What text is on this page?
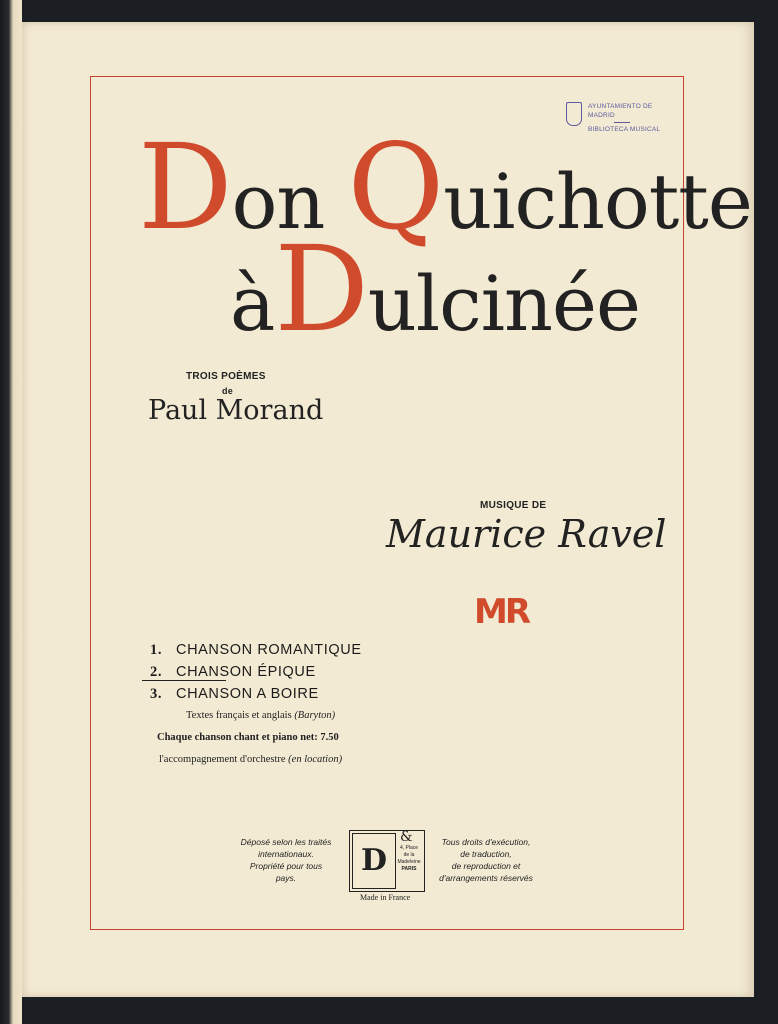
AYUNTAMIENTO DE MADRID
BIBLIOTECA MUSICAL
Don Quichotte
àDulcinée
TROIS POÈMES
de
Paul Morand
MUSIQUE DE
Maurice Ravel
MR
1. CHANSON ROMANTIQUE
2. CHANSON ÉPIQUE
3. CHANSON A BOIRE
Textes français et anglais (Baryton)
Chaque chanson chant et piano net: 7.50
l'accompagnement d'orchestre (en location)
Déposé selon les traités
internationaux.
Propriété pour tous
pays.	D
&
4, Place
de la
Madeleine
PARIS
Made in France
Tous droits d'exécution,
de traduction,
de reproduction et
d'arrangements réservés
